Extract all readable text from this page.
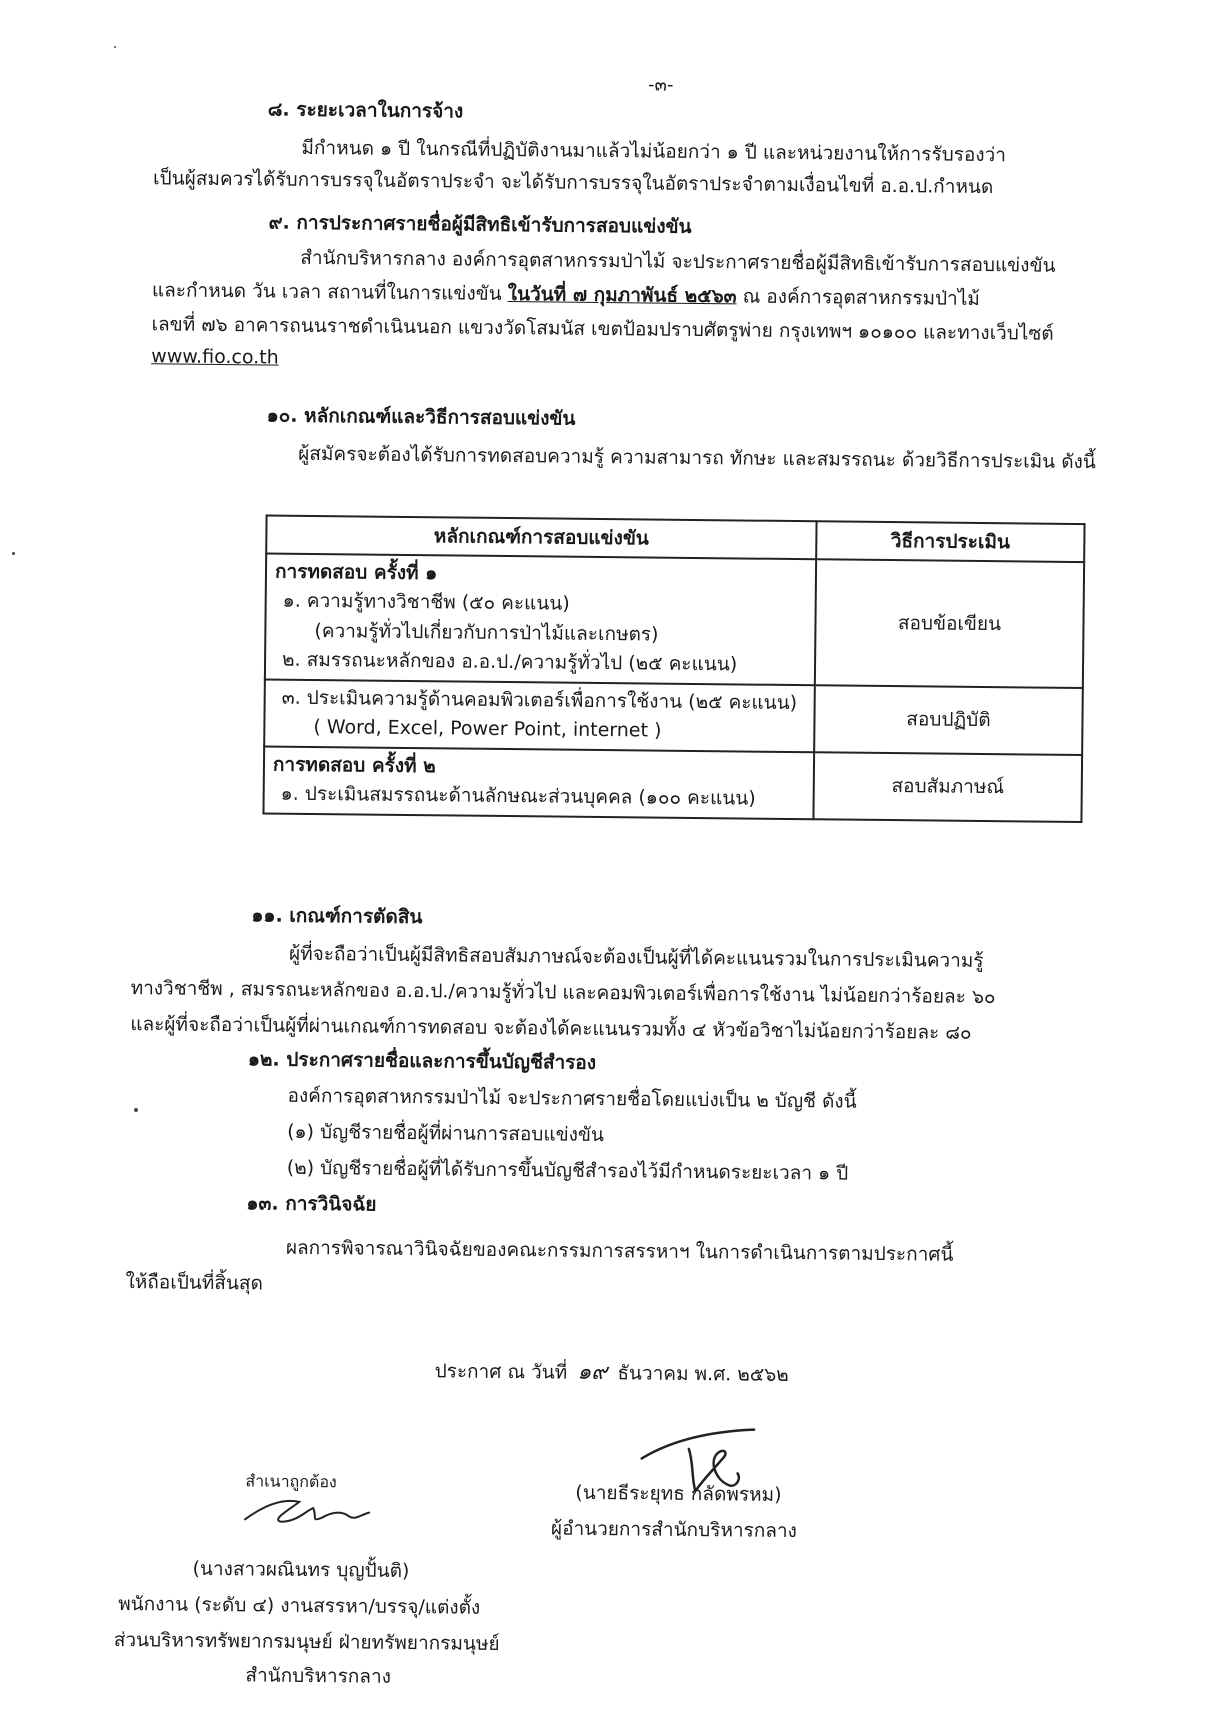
-๓-
๘. ระยะเวลาในการจ้าง
มีกำหนด ๑ ปี ในกรณีที่ปฏิบัติงานมาแล้วไม่น้อยกว่า ๑ ปี และหน่วยงานให้การรับรองว่า
เป็นผู้สมควรได้รับการบรรจุในอัตราประจำ จะได้รับการบรรจุในอัตราประจำตามเงื่อนไขที่ อ.อ.ป.กำหนด
๙. การประกาศรายชื่อผู้มีสิทธิเข้ารับการสอบแข่งขัน
สำนักบริหารกลาง องค์การอุตสาหกรรมป่าไม้ จะประกาศรายชื่อผู้มีสิทธิเข้ารับการสอบแข่งขัน
และกำหนด วัน เวลา สถานที่ในการแข่งขัน ในวันที่ ๗ กุมภาพันธ์ ๒๕๖๓ ณ องค์การอุตสาหกรรมป่าไม้
เลขที่ ๗๖ อาคารถนนราชดำเนินนอก แขวงวัดโสมนัส เขตป้อมปราบศัตรูพ่าย กรุงเทพฯ ๑๐๑๐๐ และทางเว็บไซต์
www.fio.co.th
๑๐. หลักเกณฑ์และวิธีการสอบแข่งขัน
ผู้สมัครจะต้องได้รับการทดสอบความรู้ ความสามารถ ทักษะ และสมรรถนะ ด้วยวิธีการประเมิน ดังนี้
หลักเกณฑ์การสอบแข่งขัน	วิธีการประเมิน

การทดสอบ ครั้งที่ ๑
๑. ความรู้ทางวิชาชีพ (๕๐ คะแนน)
(ความรู้ทั่วไปเกี่ยวกับการป่าไม้และเกษตร)
๒. สมรรถนะหลักของ อ.อ.ป./ความรู้ทั่วไป (๒๕ คะแนน)	สอบข้อเขียน

๓. ประเมินความรู้ด้านคอมพิวเตอร์เพื่อการใช้งาน (๒๕ คะแนน)
( Word, Excel, Power Point, internet )	สอบปฏิบัติ

การทดสอบ ครั้งที่ ๒
๑. ประเมินสมรรถนะด้านลักษณะส่วนบุคคล (๑๐๐ คะแนน)	สอบสัมภาษณ์
๑๑. เกณฑ์การตัดสิน
ผู้ที่จะถือว่าเป็นผู้มีสิทธิสอบสัมภาษณ์จะต้องเป็นผู้ที่ได้คะแนนรวมในการประเมินความรู้
ทางวิชาชีพ , สมรรถนะหลักของ อ.อ.ป./ความรู้ทั่วไป และคอมพิวเตอร์เพื่อการใช้งาน ไม่น้อยกว่าร้อยละ ๖๐
และผู้ที่จะถือว่าเป็นผู้ที่ผ่านเกณฑ์การทดสอบ จะต้องได้คะแนนรวมทั้ง ๔ หัวข้อวิชาไม่น้อยกว่าร้อยละ ๘๐
๑๒. ประกาศรายชื่อและการขึ้นบัญชีสำรอง
องค์การอุตสาหกรรมป่าไม้ จะประกาศรายชื่อโดยแบ่งเป็น ๒ บัญชี ดังนี้
(๑) บัญชีรายชื่อผู้ที่ผ่านการสอบแข่งขัน
(๒) บัญชีรายชื่อผู้ที่ได้รับการขึ้นบัญชีสำรองไว้มีกำหนดระยะเวลา ๑ ปี
๑๓. การวินิจฉัย
ผลการพิจารณาวินิจฉัยของคณะกรรมการสรรหาฯ ในการดำเนินการตามประกาศนี้
ให้ถือเป็นที่สิ้นสุด
ประกาศ ณ วันที่ ๑๙ ธันวาคม พ.ศ. ๒๕๖๒
(นายธีระยุทธ กลัดพรหม)
ผู้อำนวยการสำนักบริหารกลาง
สำเนาถูกต้อง
(นางสาวผณินทร บุญปั้นติ)
พนักงาน (ระดับ ๔) งานสรรหา/บรรจุ/แต่งตั้ง
ส่วนบริหารทรัพยากรมนุษย์ ฝ่ายทรัพยากรมนุษย์
สำนักบริหารกลาง
